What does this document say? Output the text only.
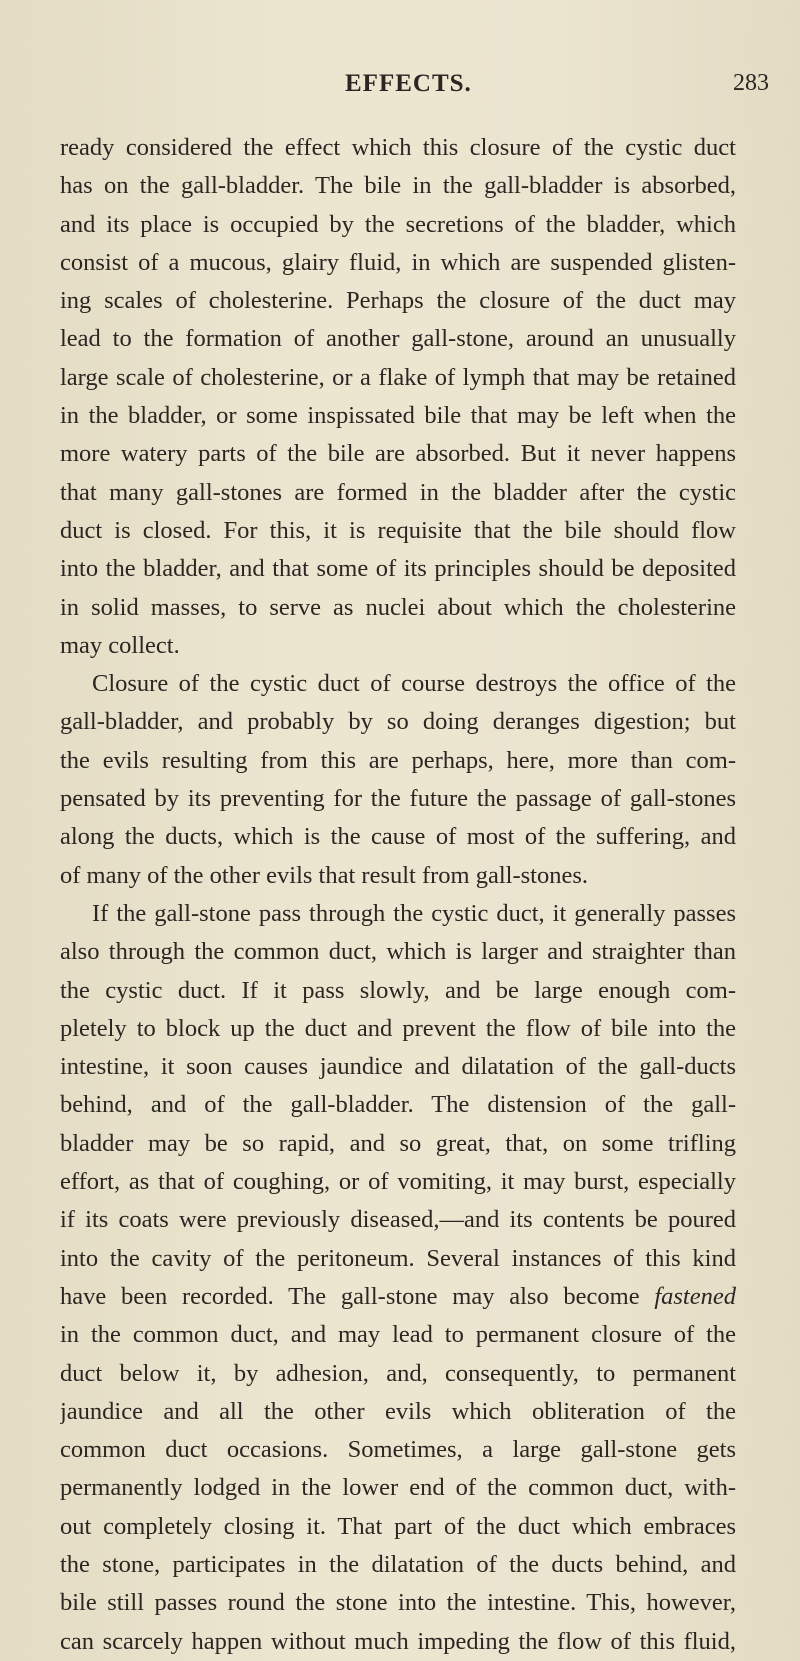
EFFECTS.	283
ready considered the effect which this closure of the cystic duct
has on the gall-bladder. The bile in the gall-bladder is absorbed,
and its place is occupied by the secretions of the bladder, which
consist of a mucous, glairy fluid, in which are suspended glisten-
ing scales of cholesterine. Perhaps the closure of the duct may
lead to the formation of another gall-stone, around an unusually
large scale of cholesterine, or a flake of lymph that may be retained
in the bladder, or some inspissated bile that may be left when the
more watery parts of the bile are absorbed. But it never happens
that many gall-stones are formed in the bladder after the cystic
duct is closed. For this, it is requisite that the bile should flow
into the bladder, and that some of its principles should be deposited
in solid masses, to serve as nuclei about which the cholesterine
may collect.
Closure of the cystic duct of course destroys the office of the
gall-bladder, and probably by so doing deranges digestion; but
the evils resulting from this are perhaps, here, more than com-
pensated by its preventing for the future the passage of gall-stones
along the ducts, which is the cause of most of the suffering, and
of many of the other evils that result from gall-stones.
If the gall-stone pass through the cystic duct, it generally passes
also through the common duct, which is larger and straighter than
the cystic duct. If it pass slowly, and be large enough com-
pletely to block up the duct and prevent the flow of bile into the
intestine, it soon causes jaundice and dilatation of the gall-ducts
behind, and of the gall-bladder. The distension of the gall-
bladder may be so rapid, and so great, that, on some trifling
effort, as that of coughing, or of vomiting, it may burst, especially
if its coats were previously diseased,—and its contents be poured
into the cavity of the peritoneum. Several instances of this kind
have been recorded. The gall-stone may also become fastened
in the common duct, and may lead to permanent closure of the
duct below it, by adhesion, and, consequently, to permanent
jaundice and all the other evils which obliteration of the
common duct occasions. Sometimes, a large gall-stone gets
permanently lodged in the lower end of the common duct, with-
out completely closing it. That part of the duct which embraces
the stone, participates in the dilatation of the ducts behind, and
bile still passes round the stone into the intestine. This, however,
can scarcely happen without much impeding the flow of this fluid,
